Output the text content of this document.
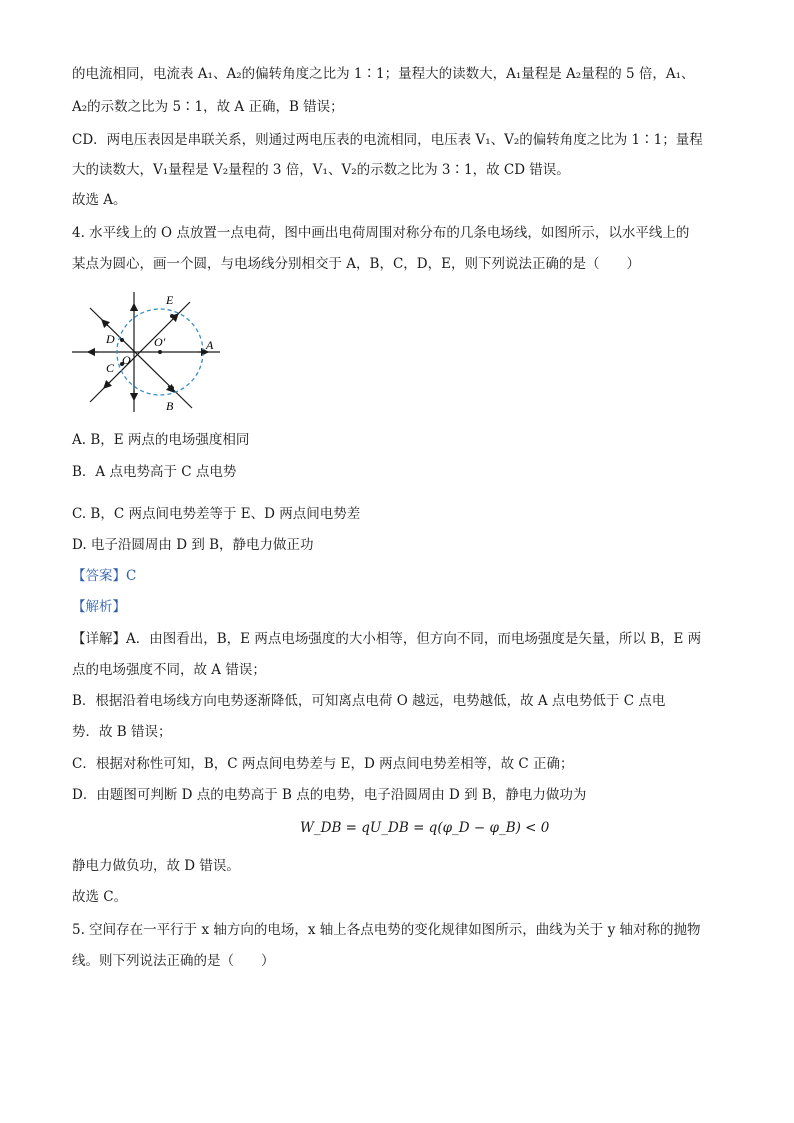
的电流相同，电流表 A₁、A₂的偏转角度之比为 1∶1；量程大的读数大，A₁量程是 A₂量程的 5 倍，A₁、
A₂的示数之比为 5∶1，故 A 正确，B 错误；
CD．两电压表因是串联关系，则通过两电压表的电流相同，电压表 V₁、V₂的偏转角度之比为 1∶1；量程
大的读数大，V₁量程是 V₂量程的 3 倍，V₁、V₂的示数之比为 3∶1，故 CD 错误。
故选 A。
4. 水平线上的 O 点放置一点电荷，图中画出电荷周围对称分布的几条电场线，如图所示，以水平线上的
某点为圆心，画一个圆，与电场线分别相交于 A，B，C，D，E，则下列说法正确的是（　　）
A
B
C
D
E
O
O′
A. B，E 两点的电场强度相同
B．A 点电势高于 C 点电势
C. B，C 两点间电势差等于 E、D 两点间电势差
D. 电子沿圆周由 D 到 B，静电力做正功
【答案】C
【解析】
【详解】A．由图看出，B，E 两点电场强度的大小相等，但方向不同，而电场强度是矢量，所以 B，E 两
点的电场强度不同，故 A 错误；
B．根据沿着电场线方向电势逐渐降低，可知离点电荷 O 越远，电势越低，故 A 点电势低于 C 点电
势．故 B 错误；
C．根据对称性可知，B，C 两点间电势差与 E，D 两点间电势差相等，故 C 正确；
D．由题图可判断 D 点的电势高于 B 点的电势，电子沿圆周由 D 到 B，静电力做功为
W_DB = qU_DB = q(φ_D − φ_B) < 0
静电力做负功，故 D 错误。
故选 C。
5. 空间存在一平行于 x 轴方向的电场，x 轴上各点电势的变化规律如图所示，曲线为关于 y 轴对称的抛物
线。则下列说法正确的是（　　）
